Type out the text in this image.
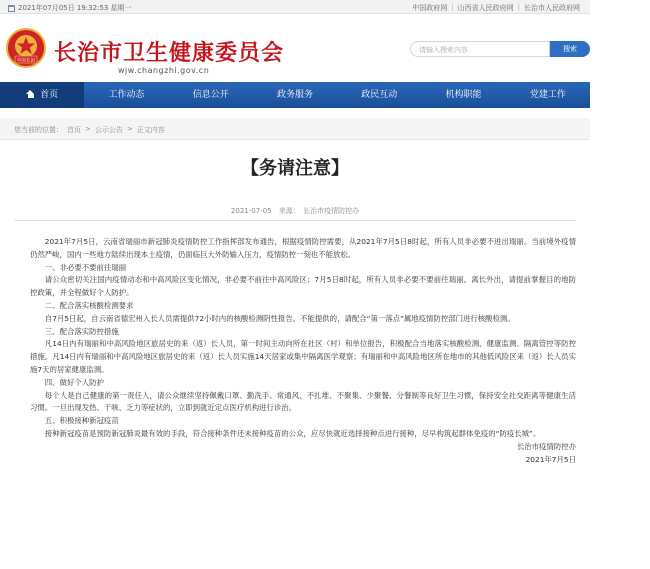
2021年07月05日 19:32:53 星期一	中国政府网 | 山西省人民政府网 | 长治市人民政府网
中国长治 长治市卫生健康委员会
wjw.changzhi.gov.cn
请输入搜索内容	搜索
首页	工作动态	信息公开	政务服务	政民互动	机构职能	党建工作
您当前的位置： 首页 > 公示公告 > 正文内容
【务请注意】
2021-07-05　来源：　长治市疫情防控办

2021年7月5日，云南省瑞丽市新冠肺炎疫情防控工作指挥部发布通告，根据疫情防控需要，从2021年7月5日8时起，所有人员非必要不进出瑞丽。当前境外疫情仍然严峻，国内一些地方陆续出现本土疫情，仍面临巨大外防输入压力，疫情防控一刻也不能放松。

一、非必要不要前往瑞丽

请公众密切关注国内疫情动态和中高风险区变化情况，非必要不前往中高风险区；7月5日8时起，所有人员非必要不要前往瑞丽。离长外出，请提前掌握目的地防控政策，并全程做好个人防护。

二、配合落实核酸检测要求

自7月5日起，自云南省德宏州入长人员需提供72小时内的核酸检测阴性报告。不能提供的，请配合“第一落点”属地疫情防控部门进行核酸检测。

三、配合落实防控措施

凡14日内有瑞丽和中高风险地区旅居史的来（返）长人员，第一时间主动向所在社区（村）和单位报告，积极配合当地落实核酸检测、健康监测、隔离管控等防控措施。凡14日内有瑞丽和中高风险地区旅居史的来（返）长人员实施14天居家或集中隔离医学观察；有瑞丽和中高风险地区所在地市的其他低风险区来（返）长人员实施7天的居家健康监测。

四、做好个人防护

每个人是自己健康的第一责任人，请公众继续坚持佩戴口罩、勤洗手、常通风、不扎堆、不聚集、少聚餐、分餐制等良好卫生习惯，保持安全社交距离等健康生活习惯。一旦出现发热、干咳、乏力等症状的，立即到就近定点医疗机构进行诊治。

五、积极接种新冠疫苗

接种新冠疫苗是预防新冠肺炎最有效的手段，符合接种条件还未接种疫苗的公众，应尽快就近选择接种点进行接种，尽早构筑起群体免疫的“防疫长城”。

长治市疫情防控办

2021年7月5日
